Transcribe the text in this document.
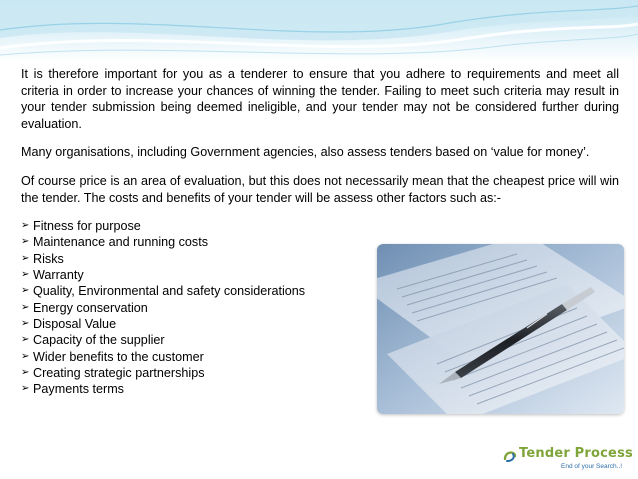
It is therefore important for you as a tenderer to ensure that you adhere to requirements and meet all criteria in order to increase your chances of winning the tender. Failing to meet such criteria may result in your tender submission being deemed ineligible, and your tender may not be considered further during evaluation.

Many organisations, including Government agencies, also assess tenders based on ‘value for money’.

Of course price is an area of evaluation, but this does not necessarily mean that the cheapest price will win the tender. The costs and benefits of your tender will be assess other factors such as:-

➢ Fitness for purpose
➢ Maintenance and running costs
➢ Risks
➢ Warranty
➢ Quality, Environmental and safety considerations
➢ Energy conservation
➢ Disposal Value
➢ Capacity of the supplier
➢ Wider benefits to the customer
➢ Creating strategic partnerships
➢ Payments terms
Tender Process
End of your Search..!
